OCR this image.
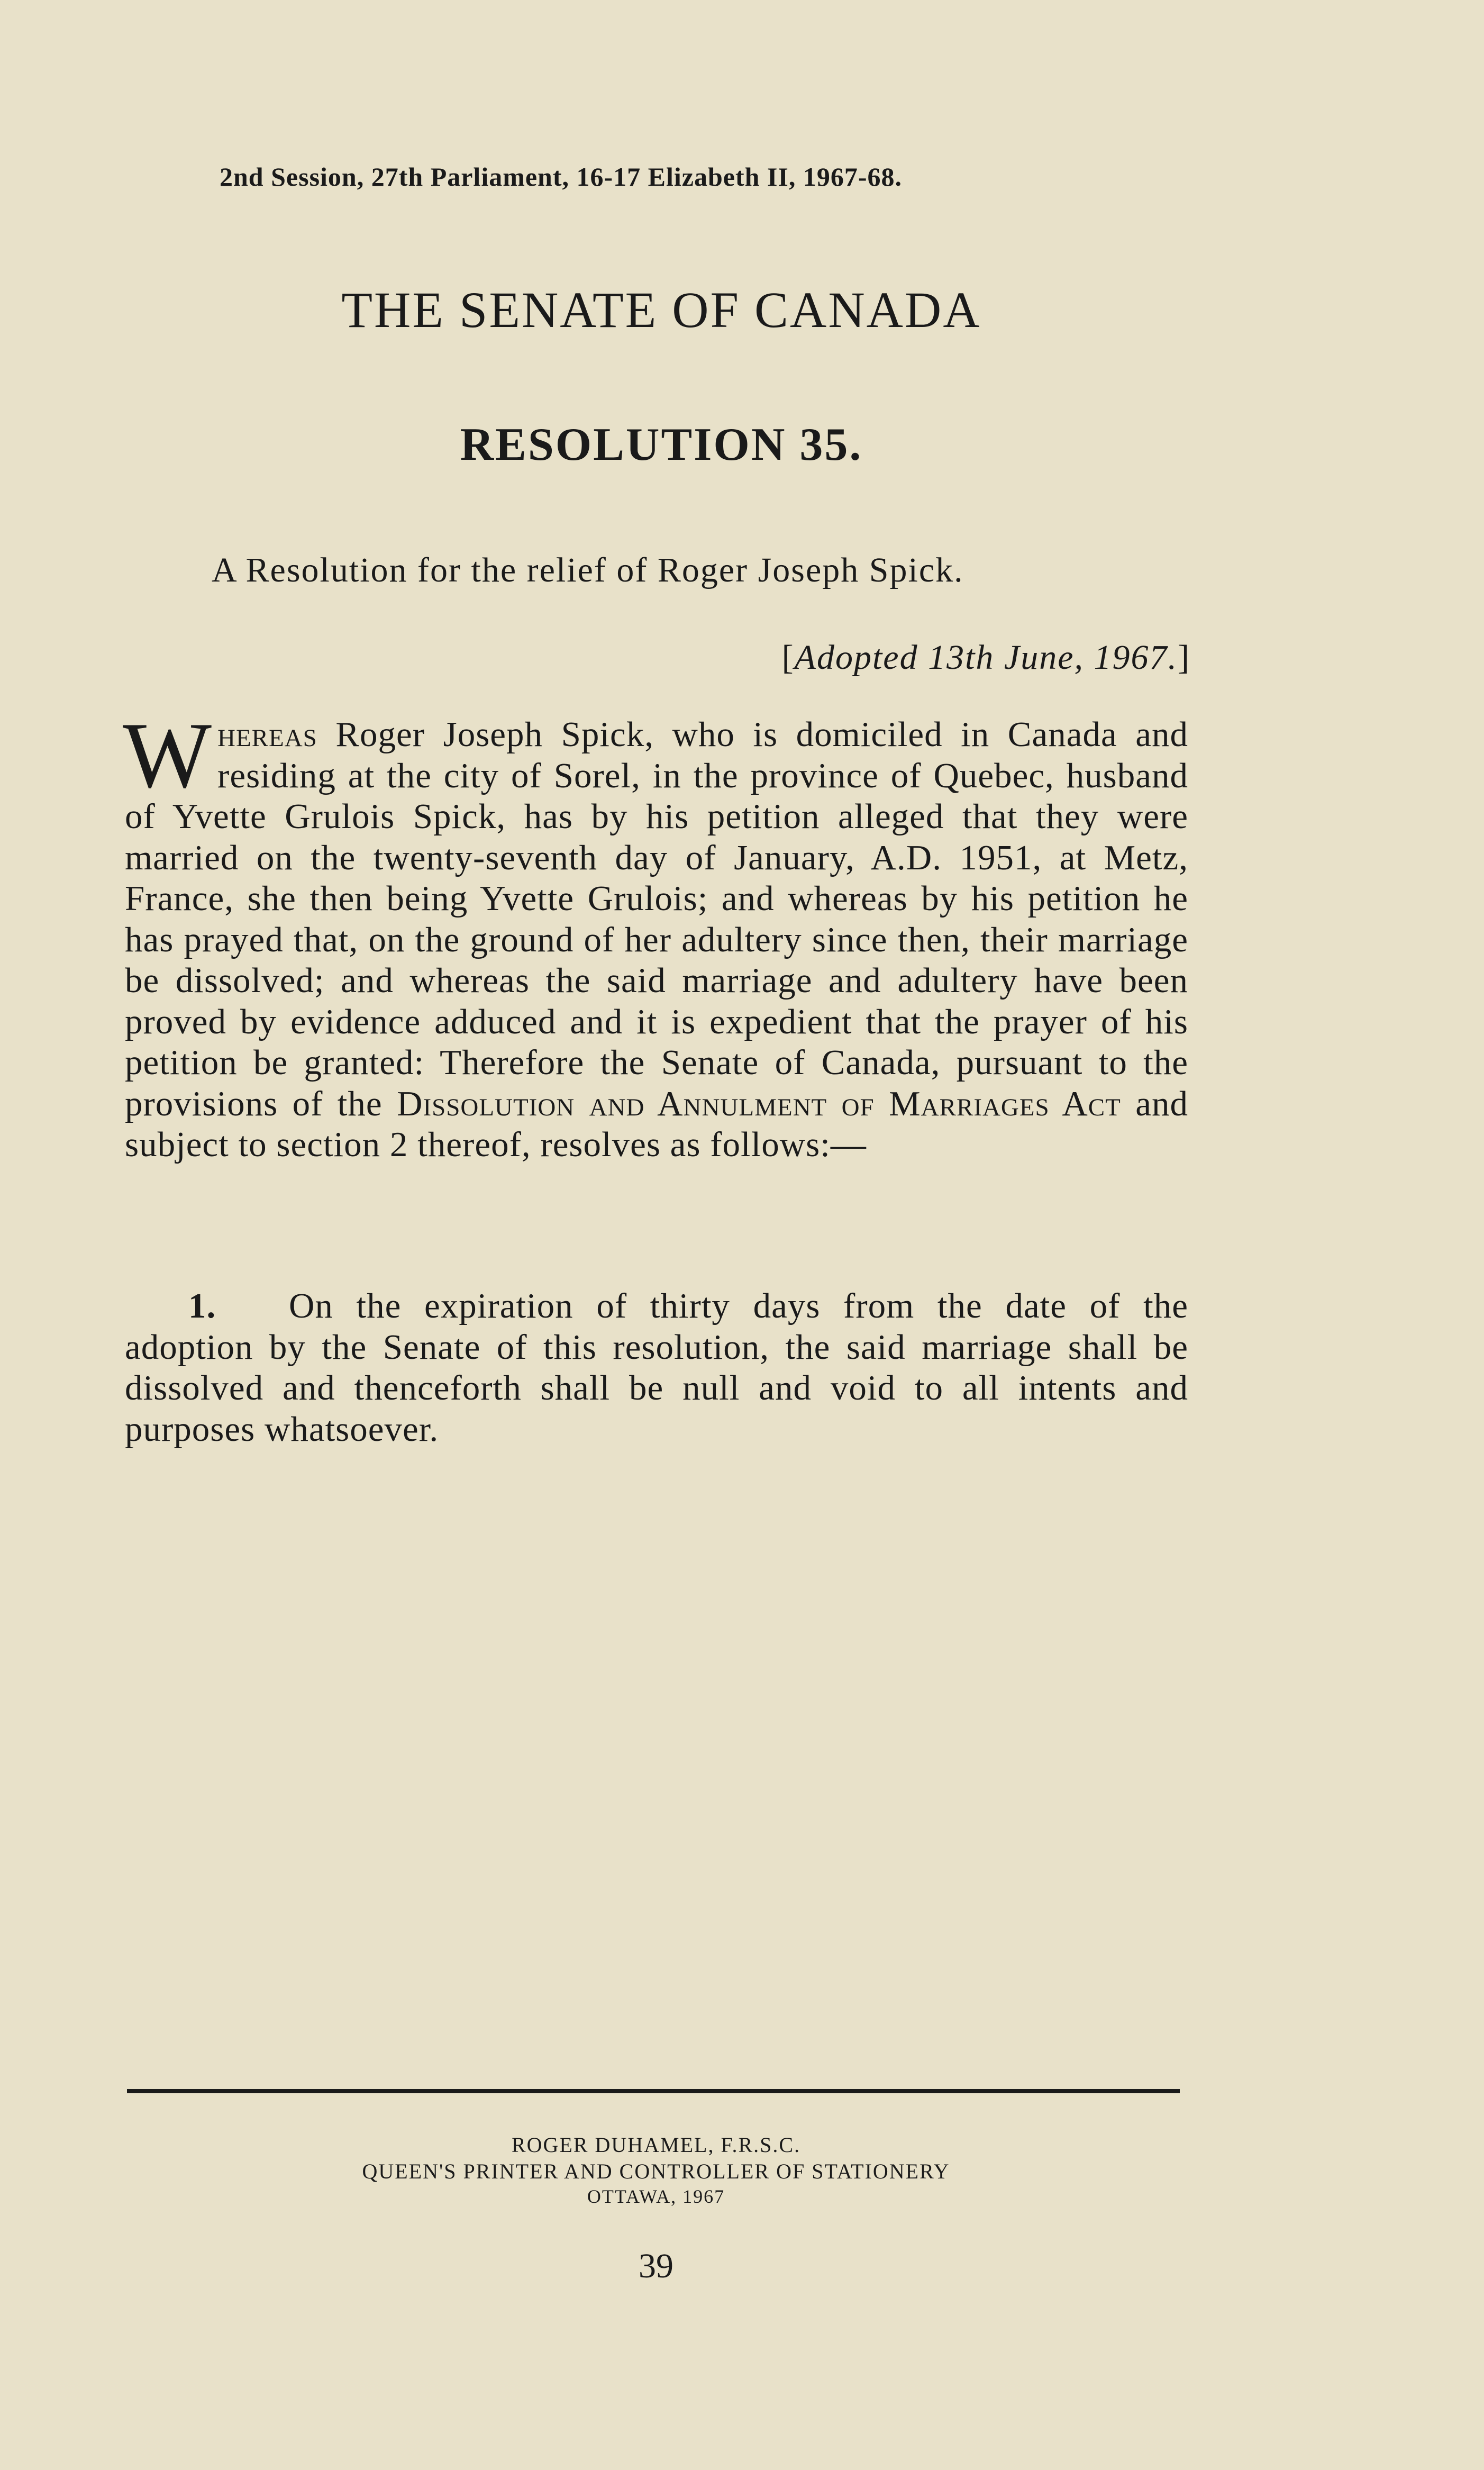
2nd Session, 27th Parliament, 16-17 Elizabeth II, 1967-68.
THE SENATE OF CANADA
RESOLUTION 35.
A Resolution for the relief of Roger Joseph Spick.
[Adopted 13th June, 1967.]
Whereas Roger Joseph Spick, who is domiciled in Canada and residing at the city of Sorel, in the province of Quebec, husband of Yvette Grulois Spick, has by his petition alleged that they were married on the twenty-seventh day of January, A.D. 1951, at Metz, France, she then being Yvette Grulois; and whereas by his petition he has prayed that, on the ground of her adultery since then, their marriage be dissolved; and whereas the said marriage and adultery have been proved by evidence adduced and it is expedient that the prayer of his petition be granted: Therefore the Senate of Canada, pursuant to the provisions of the Dissolution and Annulment of Marriages Act and subject to section 2 thereof, resolves as follows:—
1. On the expiration of thirty days from the date of the adoption by the Senate of this resolution, the said marriage shall be dissolved and thenceforth shall be null and void to all intents and purposes whatsoever.
ROGER DUHAMEL, F.R.S.C.
QUEEN'S PRINTER AND CONTROLLER OF STATIONERY
OTTAWA, 1967
39
